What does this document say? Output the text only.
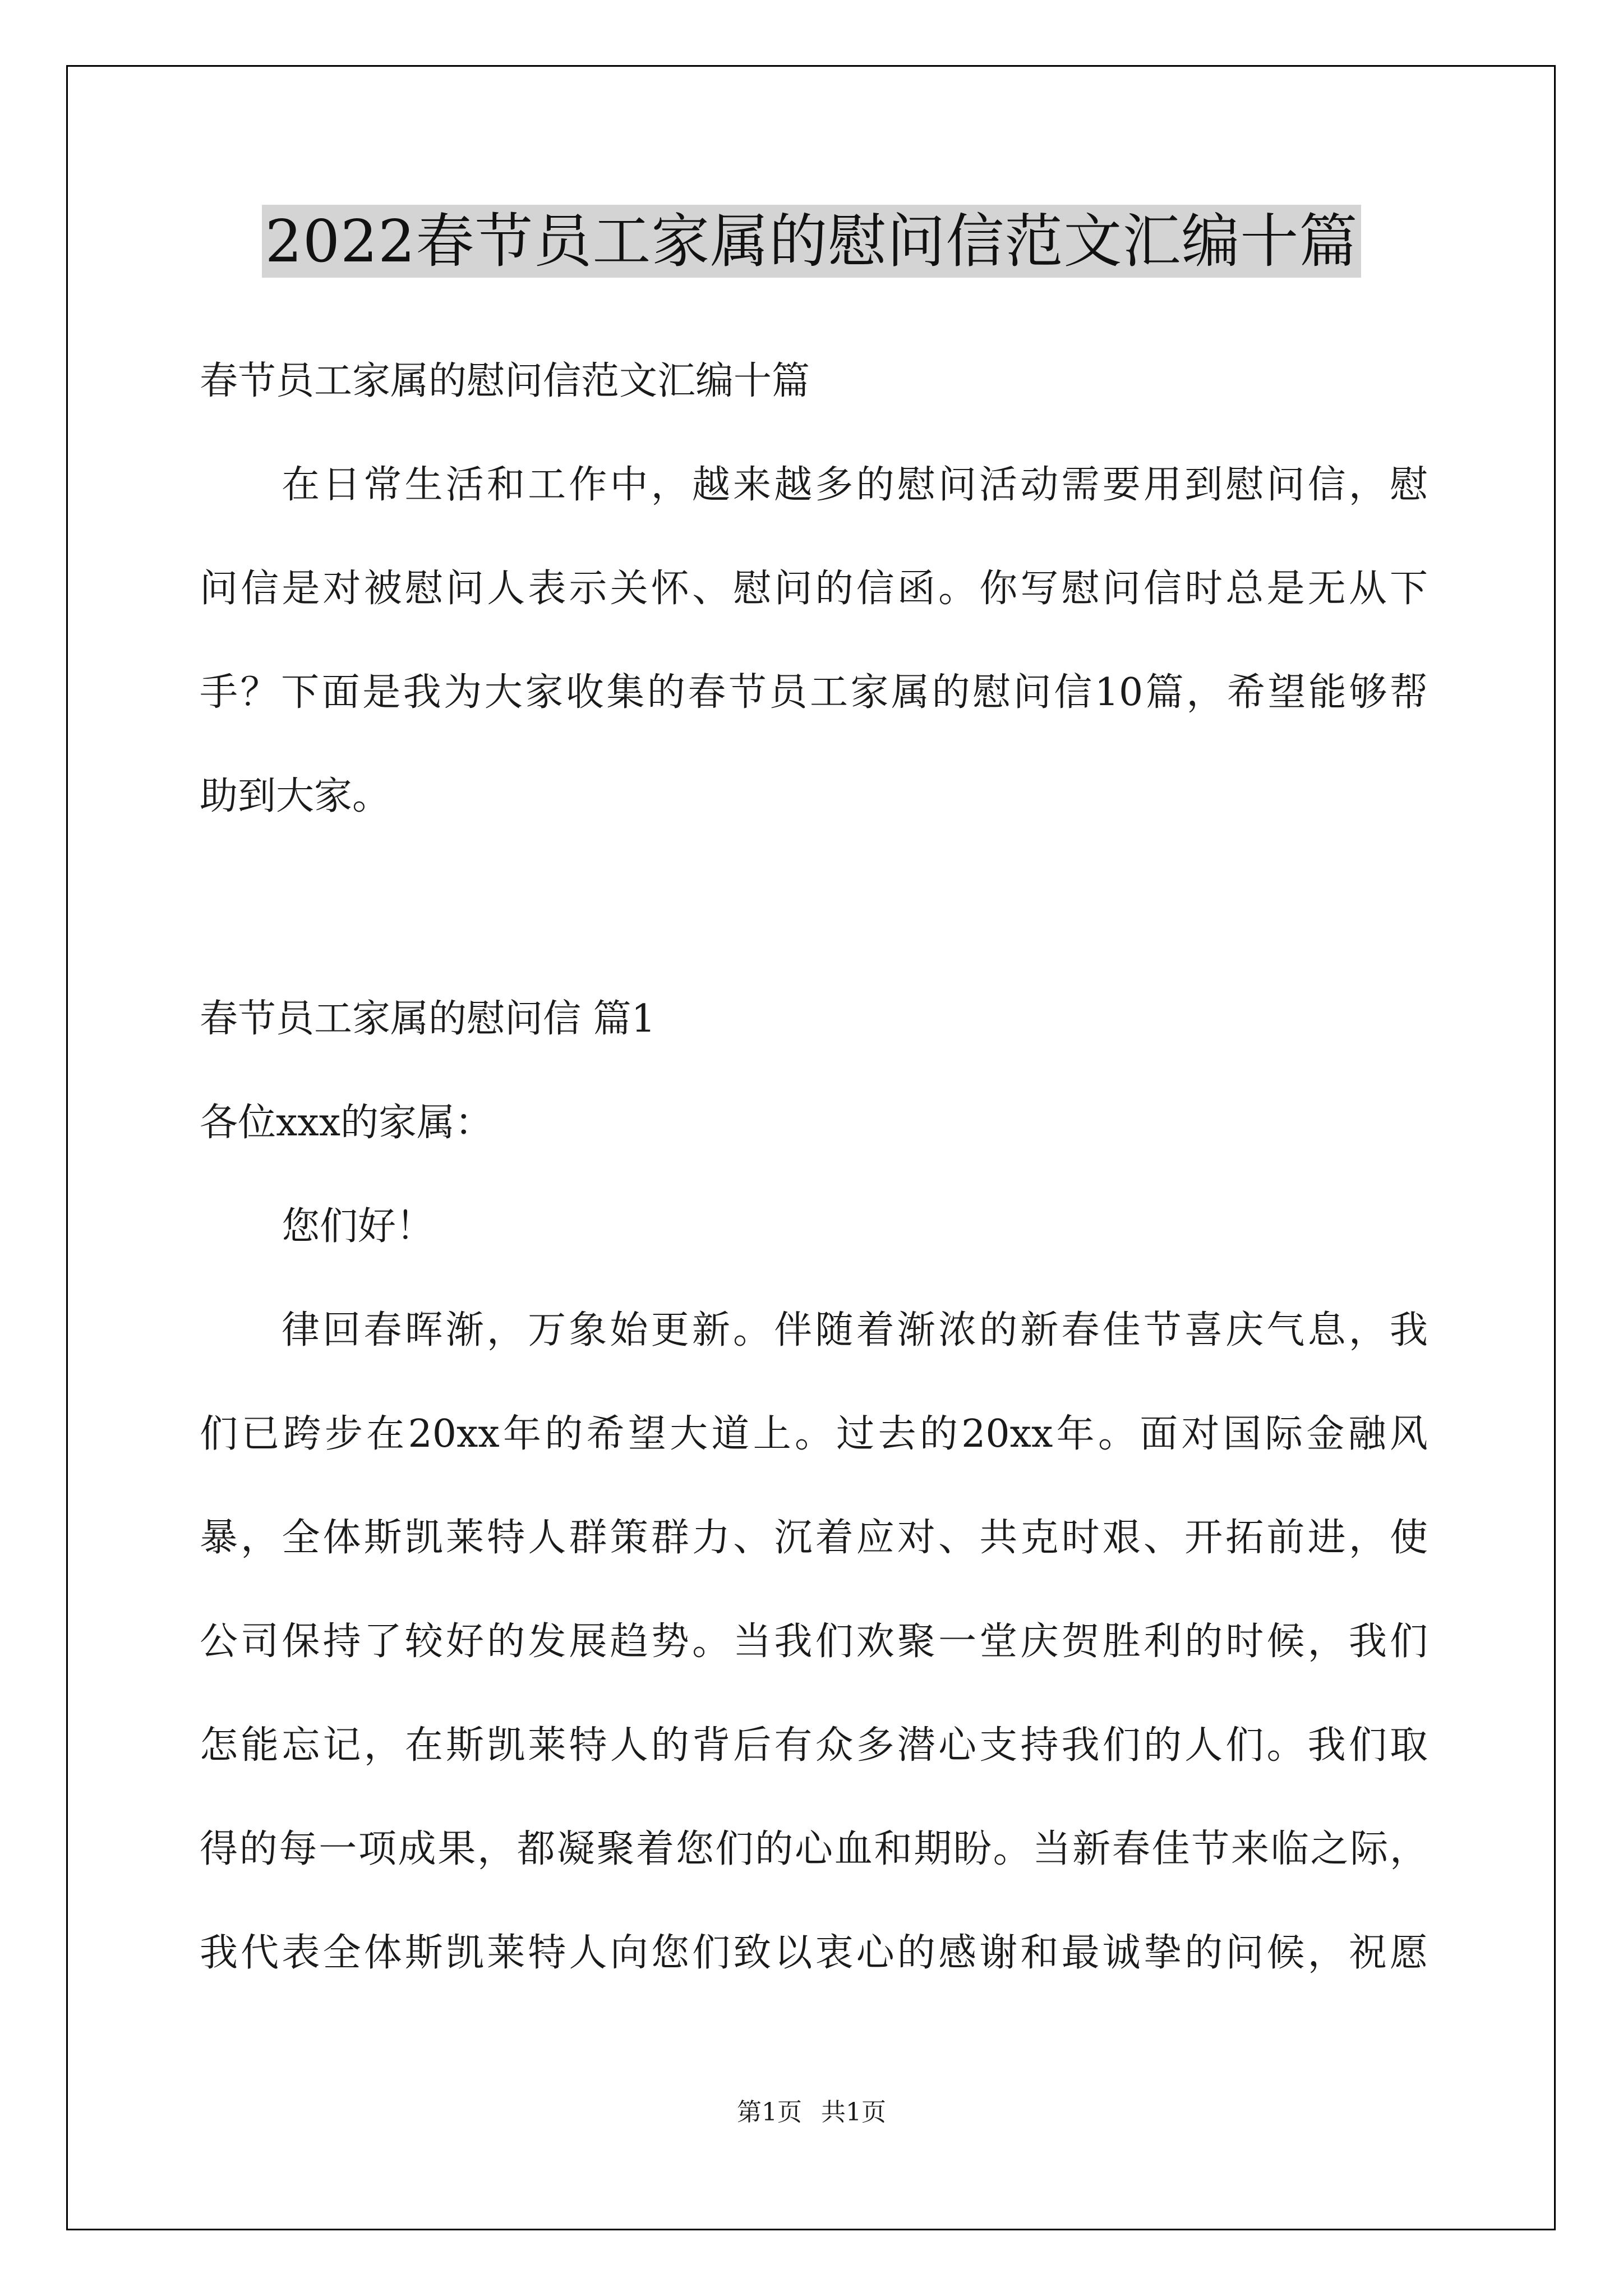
2022春节员工家属的慰问信范文汇编十篇
春节员工家属的慰问信范文汇编十篇
在日常生活和工作中，越来越多的慰问活动需要用到慰问信，慰
问信是对被慰问人表示关怀、慰问的信函。你写慰问信时总是无从下
手？下面是我为大家收集的春节员工家属的慰问信10篇，希望能够帮
助到大家。
春节员工家属的慰问信 篇1
各位xxx的家属：
您们好！
律回春晖渐，万象始更新。伴随着渐浓的新春佳节喜庆气息，我
们已跨步在20xx年的希望大道上。过去的20xx年。面对国际金融风
暴，全体斯凯莱特人群策群力、沉着应对、共克时艰、开拓前进，使
公司保持了较好的发展趋势。当我们欢聚一堂庆贺胜利的时候，我们
怎能忘记，在斯凯莱特人的背后有众多潜心支持我们的人们。我们取
得的每一项成果，都凝聚着您们的心血和期盼。当新春佳节来临之际，
我代表全体斯凯莱特人向您们致以衷心的感谢和最诚挚的问候，祝愿
第1页 共1页
